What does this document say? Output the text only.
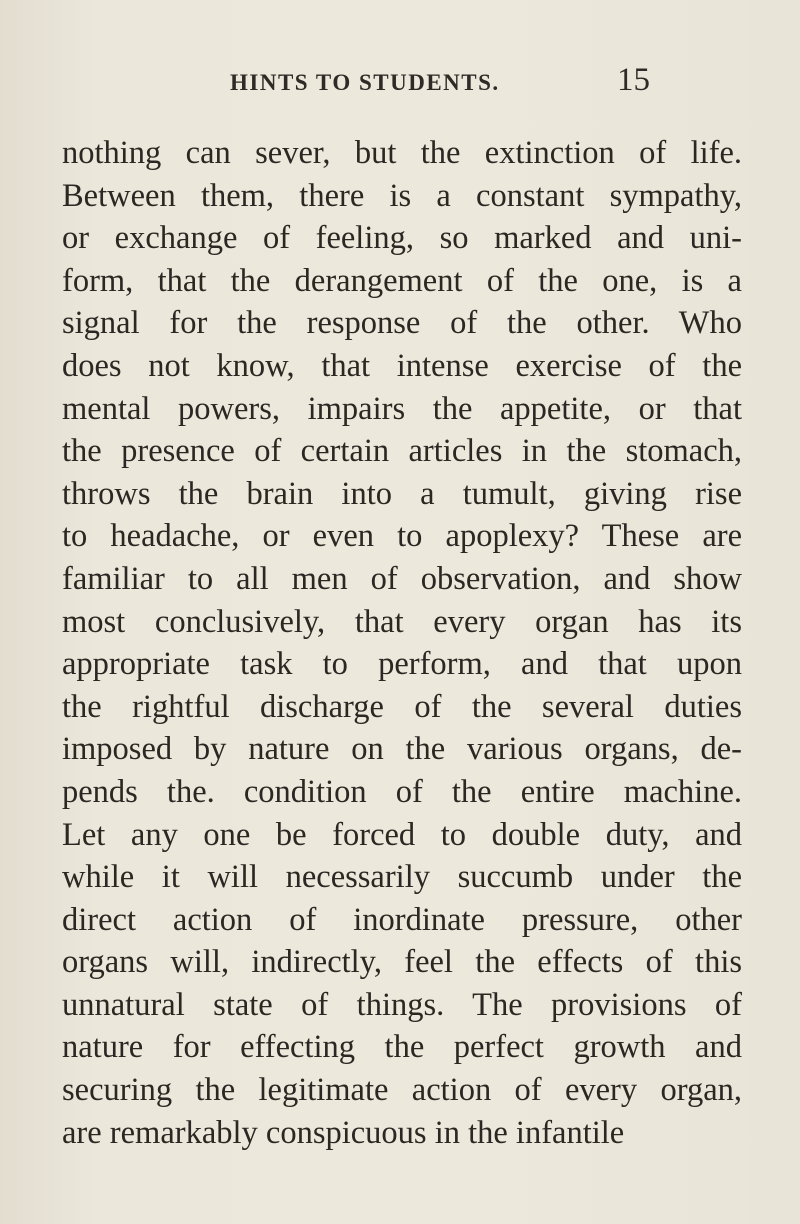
HINTS TO STUDENTS.	15
nothing can sever, but the extinction of life.
Between them, there is a constant sympathy,
or exchange of feeling, so marked and uni-
form, that the derangement of the one, is a
signal for the response of the other. Who
does not know, that intense exercise of the
mental powers, impairs the appetite, or that
the presence of certain articles in the stomach,
throws the brain into a tumult, giving rise
to headache, or even to apoplexy? These are
familiar to all men of observation, and show
most conclusively, that every organ has its
appropriate task to perform, and that upon
the rightful discharge of the several duties
imposed by nature on the various organs, de-
pends the. condition of the entire machine.
Let any one be forced to double duty, and
while it will necessarily succumb under the
direct action of inordinate pressure, other
organs will, indirectly, feel the effects of this
unnatural state of things. The provisions of
nature for effecting the perfect growth and
securing the legitimate action of every organ,
are remarkably conspicuous in the infantile
